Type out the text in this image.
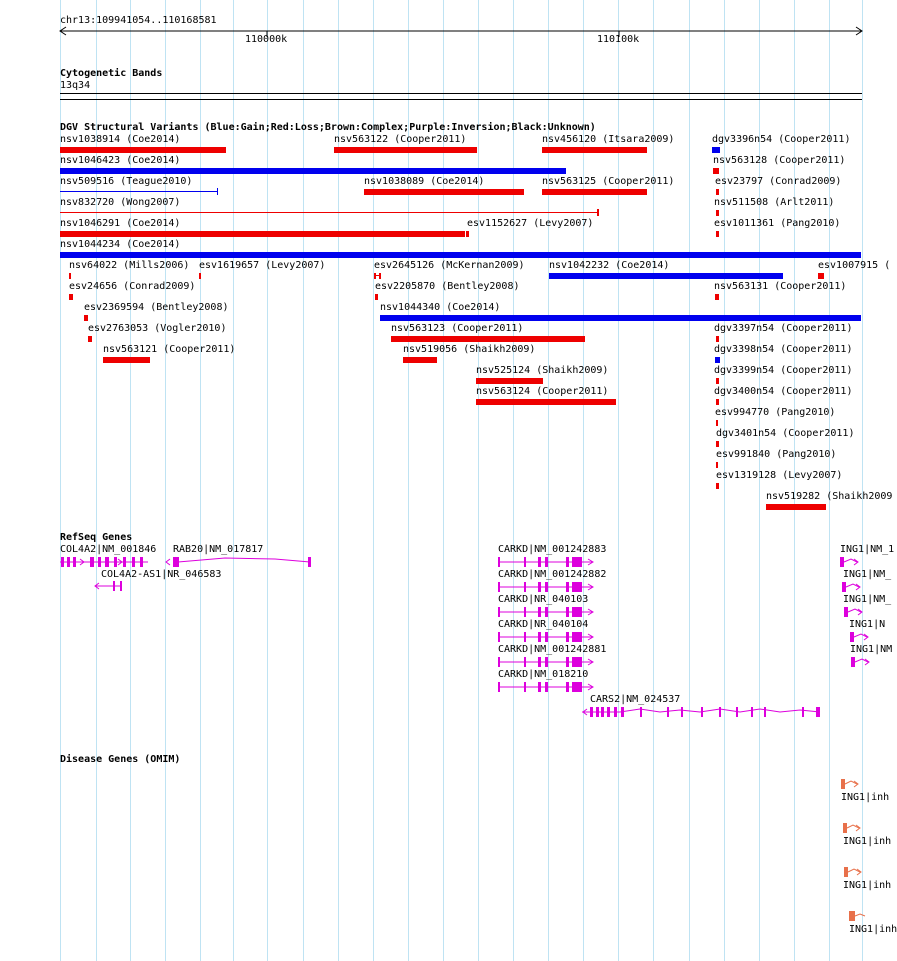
chr13:109941054..110168581
110000k	110100k
Cytogenetic Bands
13q34
DGV Structural Variants (Blue:Gain;Red:Loss;Brown:Complex;Purple:Inversion;Black:Unknown)
nsv1038914 (Coe2014)	nsv563122 (Cooper2011)	nsv456120 (Itsara2009)	dgv3396n54 (Cooper2011)
nsv1046423 (Coe2014)	nsv563128 (Cooper2011)
nsv509516 (Teague2010)	nsv1038089 (Coe2014)	nsv563125 (Cooper2011)	esv23797 (Conrad2009)
nsv832720 (Wong2007)	nsv511508 (Arlt2011)
nsv1046291 (Coe2014)	esv1152627 (Levy2007)	esv1011361 (Pang2010)
nsv1044234 (Coe2014)
nsv64022 (Mills2006) esv1619657 (Levy2007)	esv2645126 (McKernan2009) nsv1042232 (Coe2014)	esv1007915 (
esv24656 (Conrad2009)	esv2205870 (Bentley2008)	nsv563131 (Cooper2011)
esv2369594 (Bentley2008)	nsv1044340 (Coe2014)
esv2763053 (Vogler2010)	nsv563123 (Cooper2011)	dgv3397n54 (Cooper2011)
nsv563121 (Cooper2011)	nsv519056 (Shaikh2009)	dgv3398n54 (Cooper2011)
nsv525124 (Shaikh2009)	dgv3399n54 (Cooper2011)
nsv563124 (Cooper2011)	dgv3400n54 (Cooper2011)
esv994770 (Pang2010)
dgv3401n54 (Cooper2011)
esv991840 (Pang2010)
esv1319128 (Levy2007)
nsv519282 (Shaikh2009
RefSeq Genes
COL4A2|NM_001846 RAB20|NM_017817
COL4A2-AS1|NR_046583
CARKD|NM_001242883
CARKD|NM_001242882
CARKD|NR_040103
CARKD|NR_040104
CARKD|NM_001242881
CARKD|NM_018210
CARS2|NM_024537
ING1|NM_1
ING1|NM_
ING1|NM_
ING1|N
ING1|NM
Disease Genes (OMIM)
ING1|inh
ING1|inh
ING1|inh
ING1|inh
